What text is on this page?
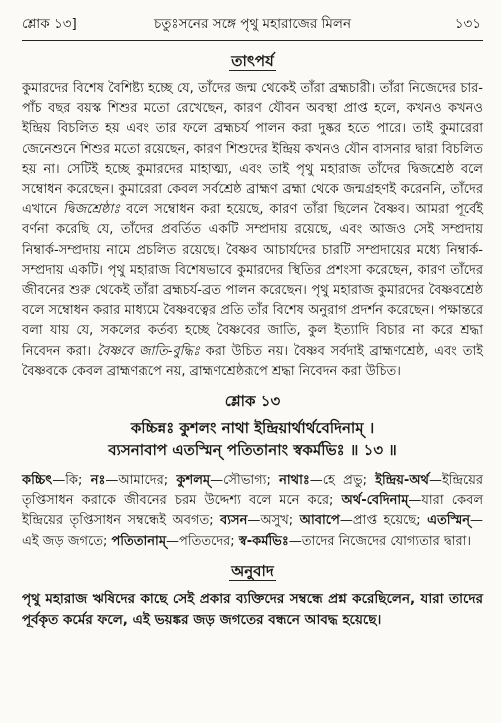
শ্লোক ১৩]	চতুঃসনের সঙ্গে পৃথু মহারাজের মিলন	১৩১
তাৎপর্য

কুমারদের বিশেষ বৈশিষ্ট্য হচ্ছে যে, তাঁদের জন্ম থেকেই তাঁরা ব্রহ্মচারী। তাঁরা নিজেদের চার-পাঁচ বছর বয়স্ক শিশুর মতো রেখেছেন, কারণ যৌবন অবস্থা প্রাপ্ত হলে, কখনও কখনও ইন্দ্রিয় বিচলিত হয় এবং তার ফলে ব্রহ্মচর্য পালন করা দুষ্কর হতে পারে। তাই কুমারেরা জেনেশুনে শিশুর মতো রয়েছেন, কারণ শিশুদের ইন্দ্রিয় কখনও যৌন বাসনার দ্বারা বিচলিত হয় না। সেটিই হচ্ছে কুমারদের মাহাত্ম্য, এবং তাই পৃথু মহারাজ তাঁদের দ্বিজশ্রেষ্ঠ বলে সম্বোধন করেছেন। কুমারেরা কেবল সর্বশ্রেষ্ঠ ব্রাহ্মণ ব্রহ্মা থেকে জন্মগ্রহণই করেননি, তাঁদের এখানে দ্বিজশ্রেষ্ঠাঃ বলে সম্বোধন করা হয়েছে, কারণ তাঁরা ছিলেন বৈষ্ণব। আমরা পূর্বেই বর্ণনা করেছি যে, তাঁদের প্রবর্তিত একটি সম্প্রদায় রয়েছে, এবং আজও সেই সম্প্রদায় নিম্বার্ক-সম্প্রদায় নামে প্রচলিত রয়েছে। বৈষ্ণব আচার্যদের চারটি সম্প্রদায়ের মধ্যে নিম্বার্ক-সম্প্রদায় একটি। পৃথু মহারাজ বিশেষভাবে কুমারদের স্থিতির প্রশংসা করেছেন, কারণ তাঁদের জীবনের শুরু থেকেই তাঁরা ব্রহ্মচর্য-ব্রত পালন করেছেন। পৃথু মহারাজ কুমারদের বৈষ্ণবশ্রেষ্ঠ বলে সম্বোধন করার মাধ্যমে বৈষ্ণবত্বের প্রতি তাঁর বিশেষ অনুরাগ প্রদর্শন করেছেন। পক্ষান্তরে বলা যায় যে, সকলের কর্তব্য হচ্ছে বৈষ্ণবের জাতি, কুল ইত্যাদি বিচার না করে শ্রদ্ধা নিবেদন করা। বৈষ্ণবে জাতি-বুদ্ধিঃ করা উচিত নয়। বৈষ্ণব সর্বদাই ব্রাহ্মণশ্রেষ্ঠ, এবং তাই বৈষ্ণবকে কেবল ব্রাহ্মণরূপে নয়, ব্রাহ্মণশ্রেষ্ঠরূপে শ্রদ্ধা নিবেদন করা উচিত।

শ্লোক ১৩

কচ্চিন্নঃ কুশলং নাথা ইন্দ্রিয়ার্থার্থবেদিনাম্ ।

ব্যসনাবাপ এতস্মিন্ পতিতানাং স্বকর্মভিঃ ॥ ১৩ ॥

কচ্চিৎ—কি; নঃ—আমাদের; কুশলম্—সৌভাগ্য; নাথাঃ—হে প্রভু; ইন্দ্রিয়-অর্থ—ইন্দ্রিয়ের তৃপ্তিসাধন করাকে জীবনের চরম উদ্দেশ্য বলে মনে করে; অর্থ-বেদিনাম্—যারা কেবল ইন্দ্রিয়ের তৃপ্তিসাধন সম্বন্ধেই অবগত; ব্যসন—অসুখ; আবাপে—প্রাপ্ত হয়েছে; এতস্মিন্—এই জড় জগতে; পতিতানাম্—পতিতদের; স্ব-কর্মভিঃ—তাদের নিজেদের যোগ্যতার দ্বারা।

অনুবাদ

পৃথু মহারাজ ঋষিদের কাছে সেই প্রকার ব্যক্তিদের সম্বন্ধে প্রশ্ন করেছিলেন, যারা তাদের পূর্বকৃত কর্মের ফলে, এই ভয়ঙ্কর জড় জগতের বন্ধনে আবদ্ধ হয়েছে।
